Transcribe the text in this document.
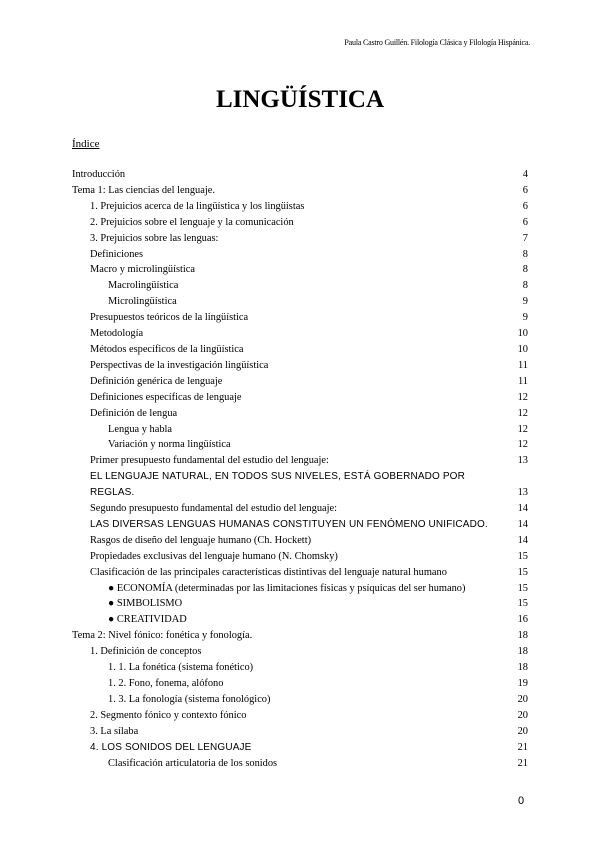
Paula Castro Guillén. Filología Clásica y Filología Hispánica.
LINGÜÍSTICA
Índice
Introducción	4
Tema 1: Las ciencias del lenguaje.	6
1. Prejuicios acerca de la lingüística y los lingüistas	6
2. Prejuicios sobre el lenguaje y la comunicación	6
3. Prejuicios sobre las lenguas:	7
Definiciones	8
Macro y microlingüística	8
Macrolingüística	8
Microlingüística	9
Presupuestos teóricos de la lingüística	9
Metodología	10
Métodos específicos de la lingüística	10
Perspectivas de la investigación lingüística	11
Definición genérica de lenguaje	11
Definiciones específicas de lenguaje	12
Definición de lengua	12
Lengua y habla	12
Variación y norma lingüística	12
Primer presupuesto fundamental del estudio del lenguaje:	13
EL LENGUAJE NATURAL, EN TODOS SUS NIVELES, ESTÁ GOBERNADO POR REGLAS.	13
Segundo presupuesto fundamental del estudio del lenguaje:	14
LAS DIVERSAS LENGUAS HUMANAS CONSTITUYEN UN FENÓMENO UNIFICADO.	14
Rasgos de diseño del lenguaje humano (Ch. Hockett)	14
Propiedades exclusivas del lenguaje humano (N. Chomsky)	15
Clasificación de las principales características distintivas del lenguaje natural humano	15
● ECONOMÍA (determinadas por las limitaciones físicas y psíquicas del ser humano)	15
● SIMBOLISMO	15
● CREATIVIDAD	16
Tema 2: Nivel fónico: fonética y fonología.	18
1. Definición de conceptos	18
1. 1. La fonética (sistema fonético)	18
1. 2. Fono, fonema, alófono	19
1. 3. La fonología (sistema fonológico)	20
2. Segmento fónico y contexto fónico	20
3. La sílaba	20
4. LOS SONIDOS DEL LENGUAJE	21
Clasificación articulatoria de los sonidos	21
0
